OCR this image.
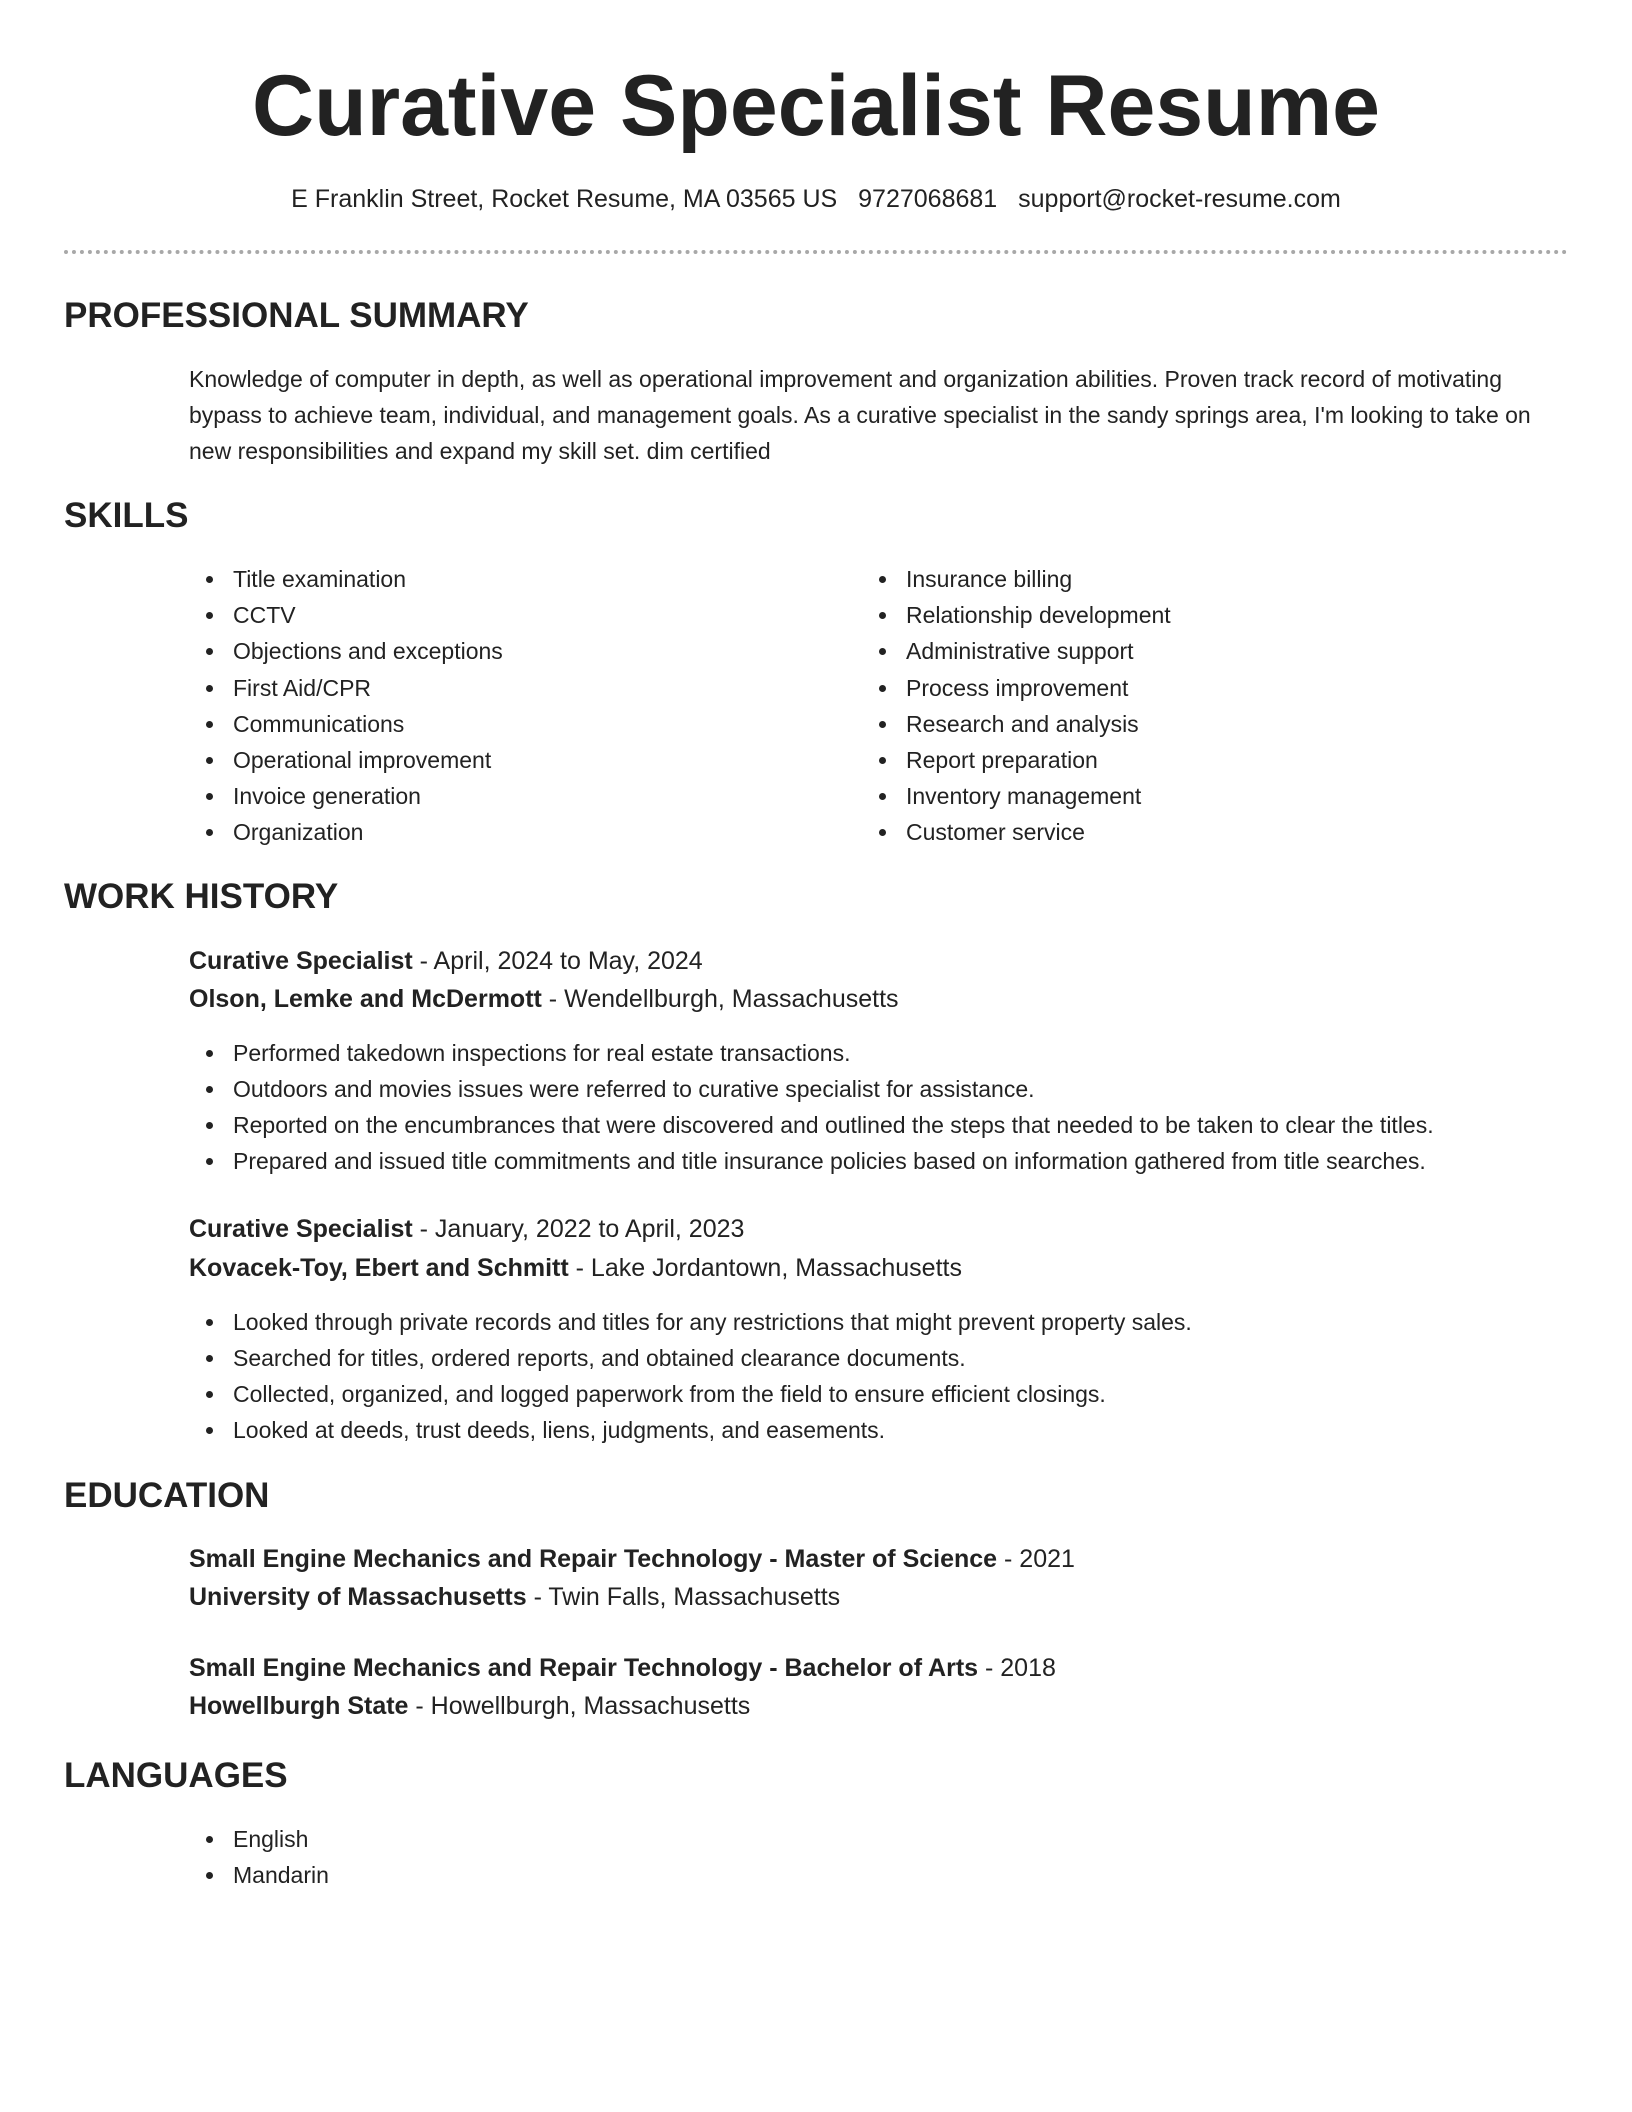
Curative Specialist Resume
E Franklin Street, Rocket Resume, MA 03565 US 9727068681 support@rocket-resume.com
PROFESSIONAL SUMMARY

Knowledge of computer in depth, as well as operational improvement and organization abilities. Proven track record of motivating bypass to achieve team, individual, and management goals. As a curative specialist in the sandy springs area, I'm looking to take on new responsibilities and expand my skill set. dim certified

SKILLS
Title examination
CCTV
Objections and exceptions
First Aid/CPR
Communications
Operational improvement
Invoice generation
Organization
Insurance billing
Relationship development
Administrative support
Process improvement
Research and analysis
Report preparation
Inventory management
Customer service
WORK HISTORY
Curative Specialist - April, 2024 to May, 2024
Olson, Lemke and McDermott - Wendellburgh, Massachusetts
Performed takedown inspections for real estate transactions.
Outdoors and movies issues were referred to curative specialist for assistance.
Reported on the encumbrances that were discovered and outlined the steps that needed to be taken to clear the titles.
Prepared and issued title commitments and title insurance policies based on information gathered from title searches.
Curative Specialist - January, 2022 to April, 2023
Kovacek-Toy, Ebert and Schmitt - Lake Jordantown, Massachusetts
Looked through private records and titles for any restrictions that might prevent property sales.
Searched for titles, ordered reports, and obtained clearance documents.
Collected, organized, and logged paperwork from the field to ensure efficient closings.
Looked at deeds, trust deeds, liens, judgments, and easements.
EDUCATION
Small Engine Mechanics and Repair Technology - Master of Science - 2021
University of Massachusetts - Twin Falls, Massachusetts
Small Engine Mechanics and Repair Technology - Bachelor of Arts - 2018
Howellburgh State - Howellburgh, Massachusetts
LANGUAGES
English
Mandarin
